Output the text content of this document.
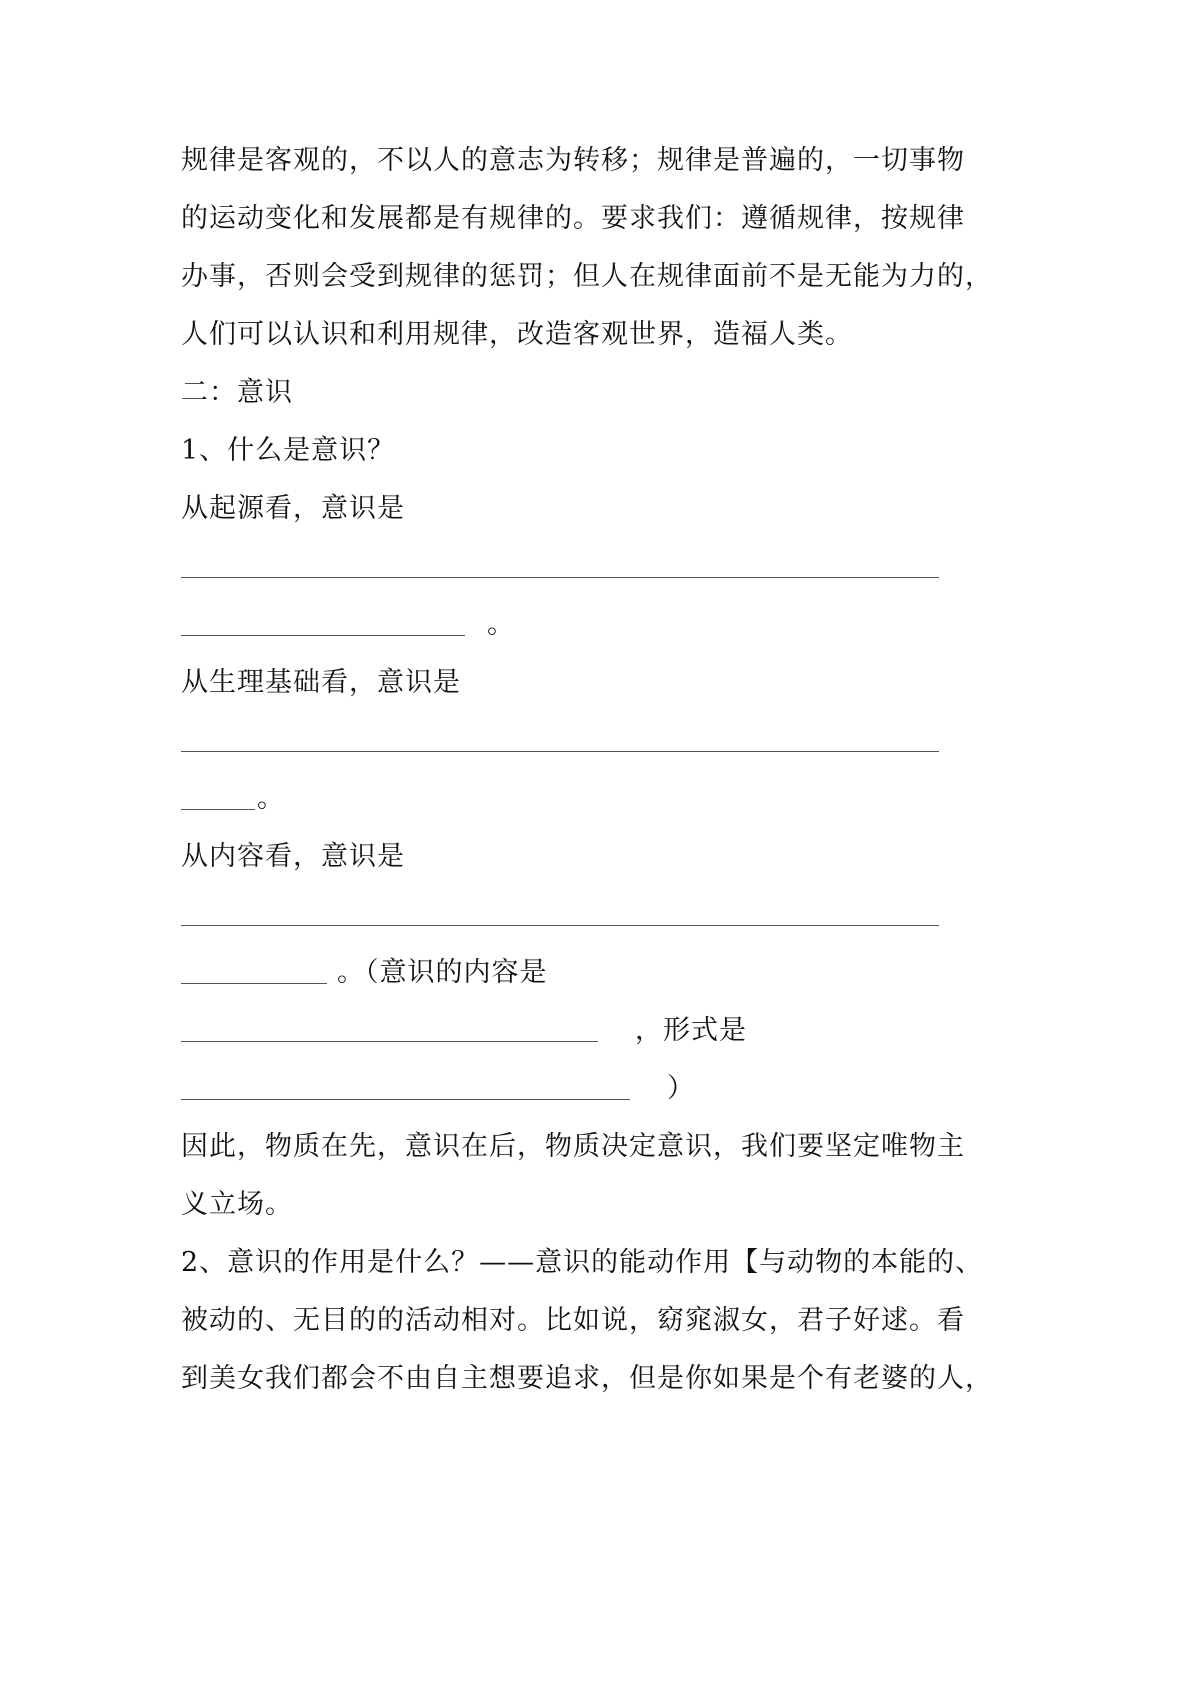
规律是客观的，不以人的意志为转移；规律是普遍的，一切事物
的运动变化和发展都是有规律的。要求我们：遵循规律，按规律
办事，否则会受到规律的惩罚；但人在规律面前不是无能为力的，
人们可以认识和利用规律，改造客观世界，造福人类。
二：意识
1、什么是意识？
从起源看，意识是
。
从生理基础看，意识是
。
从内容看，意识是
。（意识的内容是
，形式是
）
因此，物质在先，意识在后，物质决定意识，我们要坚定唯物主
义立场。
2、意识的作用是什么？——意识的能动作用【与动物的本能的、
被动的、无目的的活动相对。比如说，窈窕淑女，君子好逑。看
到美女我们都会不由自主想要追求，但是你如果是个有老婆的人，
